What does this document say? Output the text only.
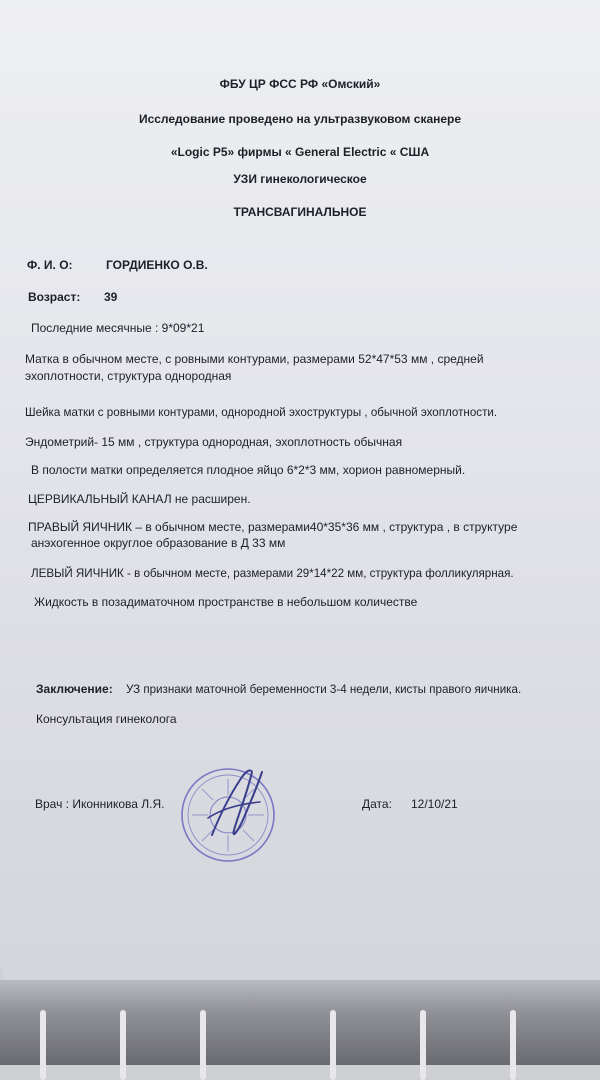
ФБУ ЦР ФСС РФ «Омский»
Исследование проведено на ультразвуковом сканере
«Logic P5» фирмы « General Electric « США
УЗИ гинекологическое
ТРАНСВАГИНАЛЬНОЕ
Ф. И. О:	ГОРДИЕНКО О.В.
Возраст: 39
Последние месячные : 9*09*21
Матка в обычном месте, с ровными контурами, размерами 52*47*53 мм , средней
эхоплотности, структура однородная
Шейка матки с ровными контурами, однородной эхоструктуры , обычной эхоплотности.
Эндометрий- 15 мм , структура однородная, эхоплотность обычная
В полости матки определяется плодное яйцо 6*2*3 мм, хорион равномерный.
ЦЕРВИКАЛЬНЫЙ КАНАЛ не расширен.
ПРАВЫЙ ЯИЧНИК – в обычном месте, размерами40*35*36 мм , структура , в структуре
анэхогенное округлое образование в Д 33 мм
ЛЕВЫЙ ЯИЧНИК - в обычном месте, размерами 29*14*22 мм, структура фолликулярная.
Жидкость в позадиматочном пространстве в небольшом количестве
Заключение: УЗ признаки маточной беременности 3-4 недели, кисты правого яичника.
Консультация гинеколога
Врач : Иконникова Л.Я.	Дата: 12/10/21
